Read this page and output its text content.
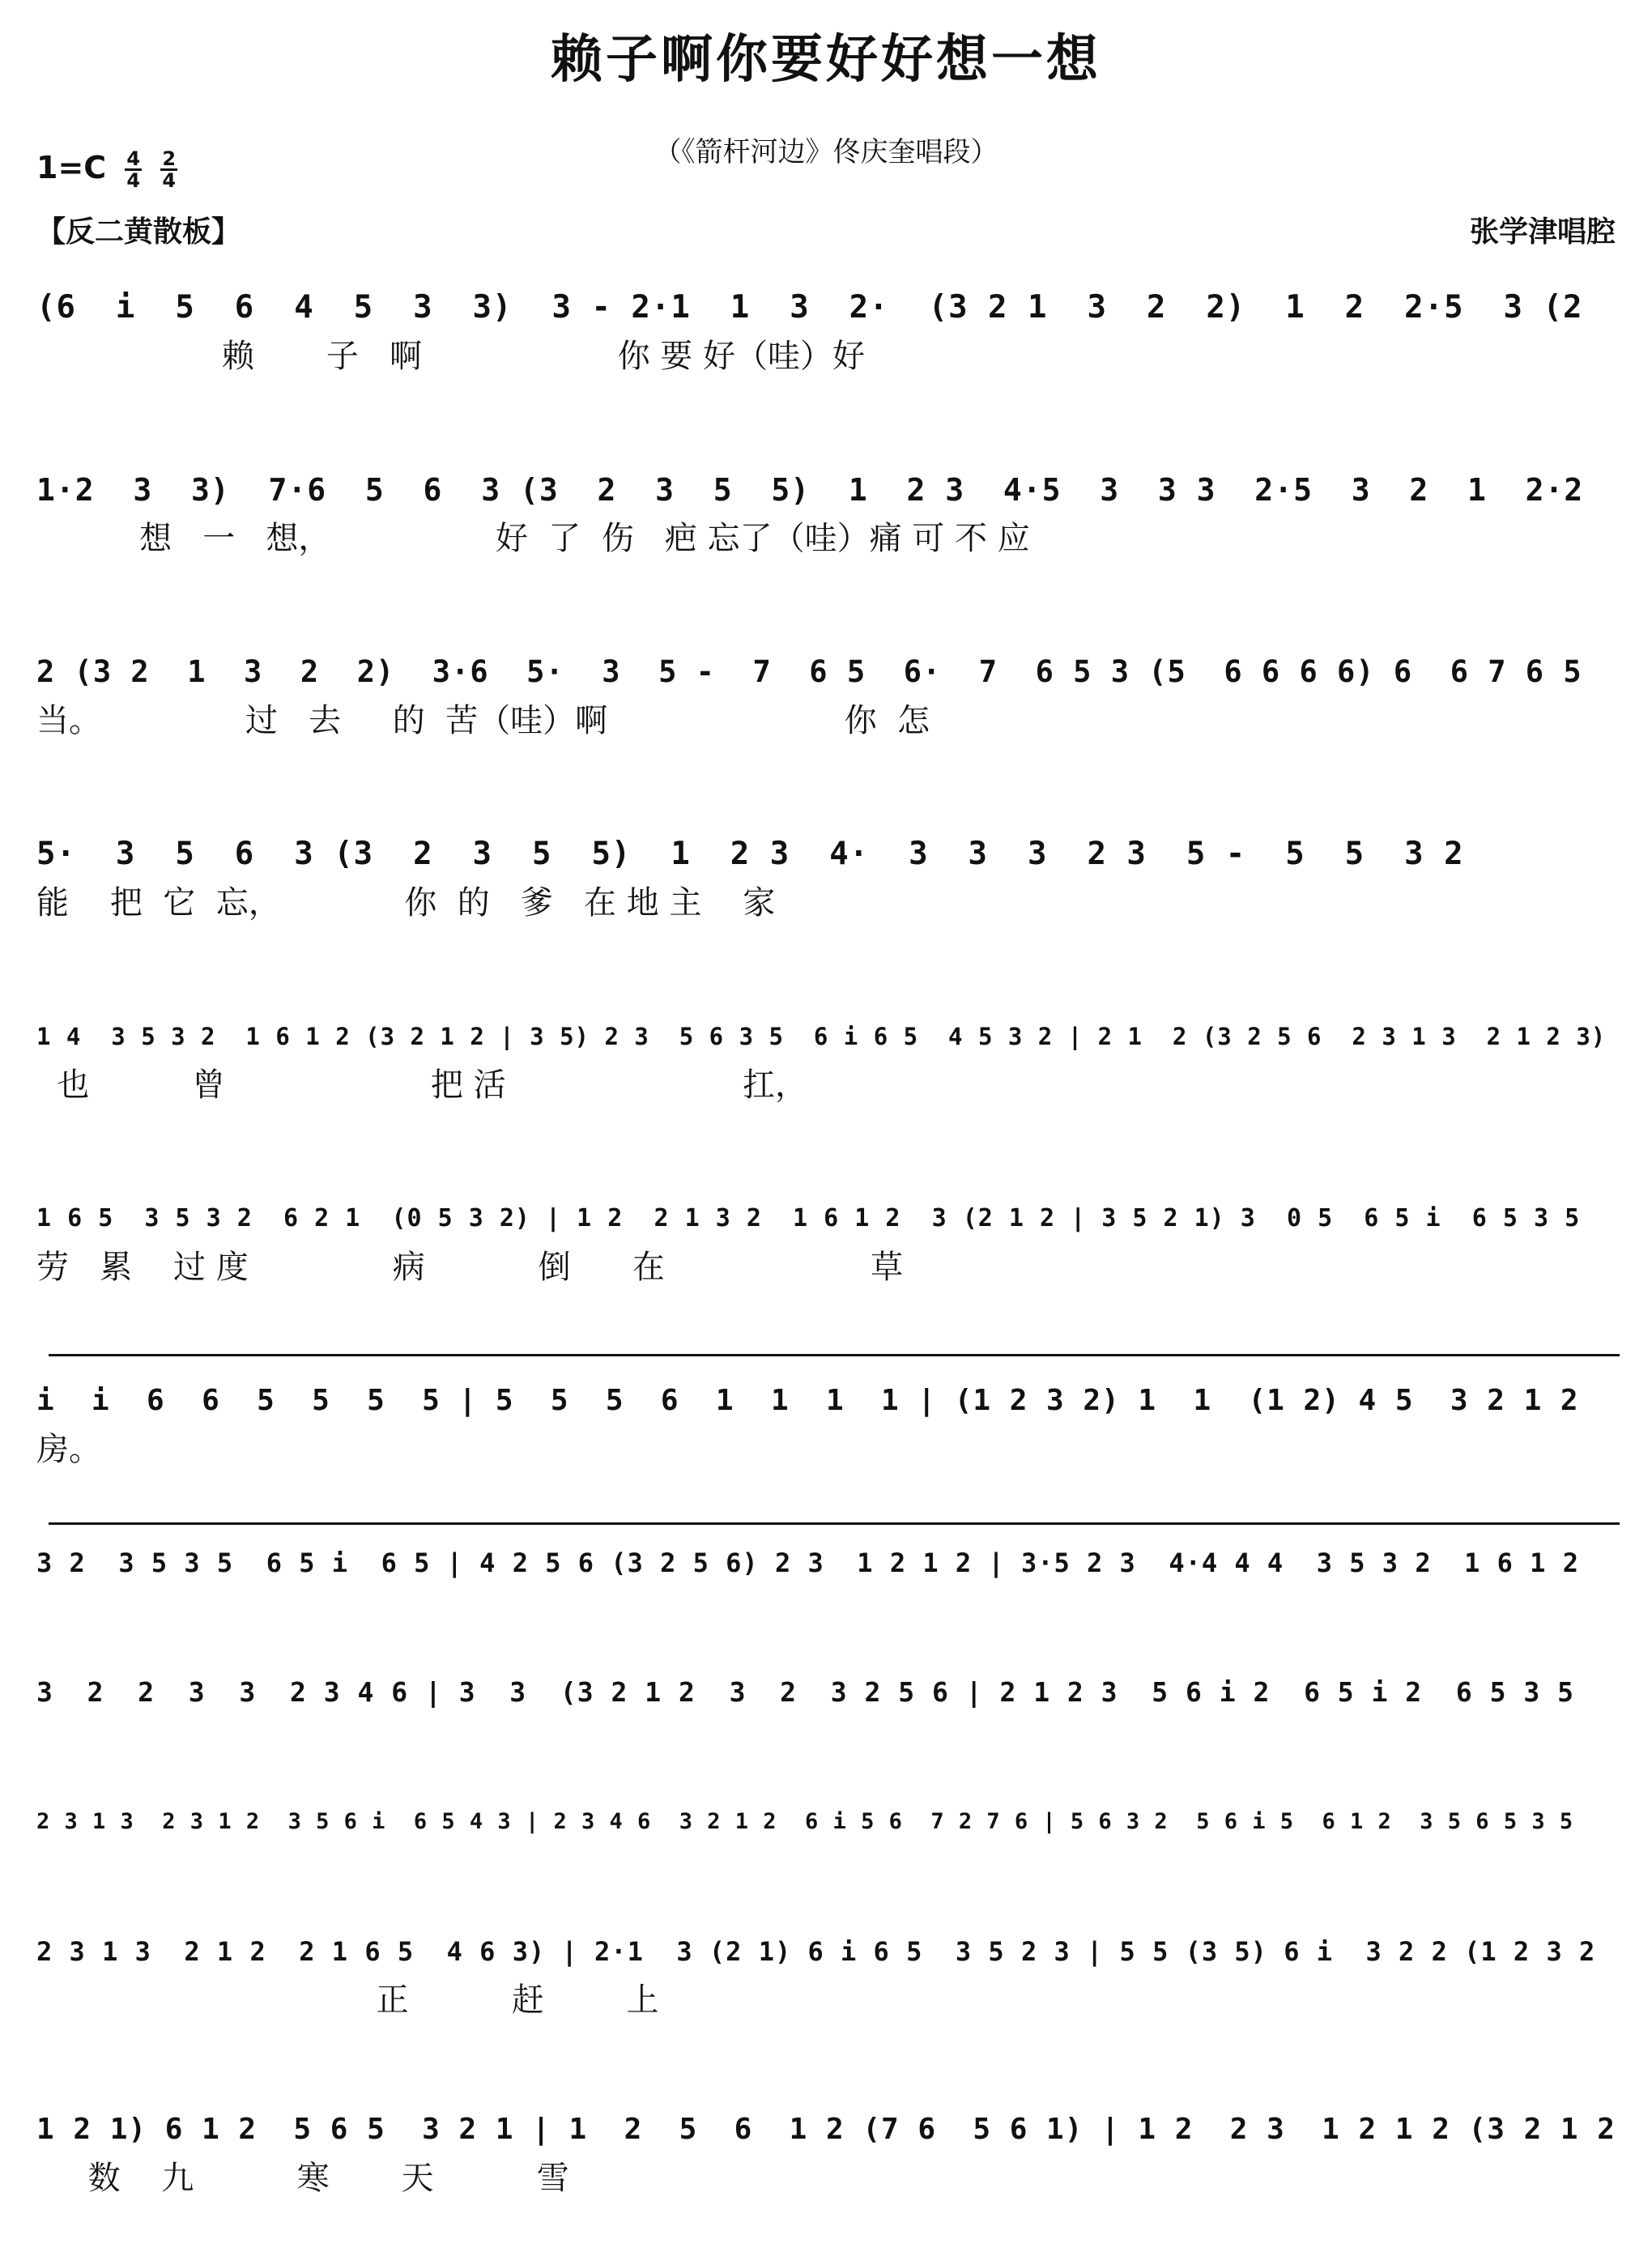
赖子啊你要好好想一想
（《箭杆河边》佟庆奎唱段）
$1=C \frac{4}{4}$
$\frac{2}{4}$
【反二黄散板】	张学津唱腔
(6  i  5  6  4  5  3  3)  3 - 2·1  1  3  2·  (3 2 1  3  2  2)  1  2  2·5  3 (2
赖       子   啊                   你 要 好（哇）好
1·2  3  3)  7·6  5  6  3 (3  2  3  5  5)  1  2 3  4·5  3  3 3  2·5  3  2  1  2·2
想   一   想，                好  了  伤   疤 忘了（哇）痛 可 不 应
2 (3 2  1  3  2  2)  3·6  5·  3  5 -  7  6 5  6·  7  6 5 3 (5  6 6 6 6) 6  6 7 6 5
当。              过   去     的  苦（哇）啊                       你  怎
5·  3  5  6  3 (3  2  3  5  5)  1  2 3  4·  3  3  3  2 3  5 -  5  5  3 2
能    把  它  忘，            你  的   爹   在 地 主    家
1 4  3 5 3 2  1 6 1 2 (3 2 1 2 | 3 5) 2 3  5 6 3 5  6 i 6 5  4 5 3 2 | 2 1  2 (3 2 5 6  2 3 1 3  2 1 2 3)
也          曾                    把 活                       扛，
1 6 5  3 5 3 2  6 2 1  (0 5 3 2) | 1 2  2 1 3 2  1 6 1 2  3 (2 1 2 | 3 5 2 1) 3  0 5  6 5 i  6 5 3 5
劳   累    过 度              病           倒      在                    草
i  i  6  6  5  5  5  5 | 5  5  5  6  1  1  1  1 | (1 2 3 2) 1  1  (1 2) 4 5  3 2 1 2
房。
3 2  3 5 3 5  6 5 i  6 5 | 4 2 5 6 (3 2 5 6) 2 3  1 2 1 2 | 3·5 2 3  4·4 4 4  3 5 3 2  1 6 1 2
3  2  2  3  3  2 3 4 6 | 3  3  (3 2 1 2  3  2  3 2 5 6 | 2 1 2 3  5 6 i 2  6 5 i 2  6 5 3 5
2 3 1 3  2 3 1 2  3 5 6 i  6 5 4 3 | 2 3 4 6  3 2 1 2  6 i 5 6  7 2 7 6 | 5 6 3 2  5 6 i 5  6 1 2  3 5 6 5 3 5
2 3 1 3  2 1 2  2 1 6 5  4 6 3) | 2·1  3 (2 1) 6 i 6 5  3 5 2 3 | 5 5 (3 5) 6 i  3 2 2 (1 2 3 2
正          赶        上
1 2 1) 6 1 2  5 6 5  3 2 1 | 1  2  5  6  1 2 (7 6  5 6 1) | 1 2  2 3  1 2 1 2 (3 2 1 2
数    九          寒       天          雪
